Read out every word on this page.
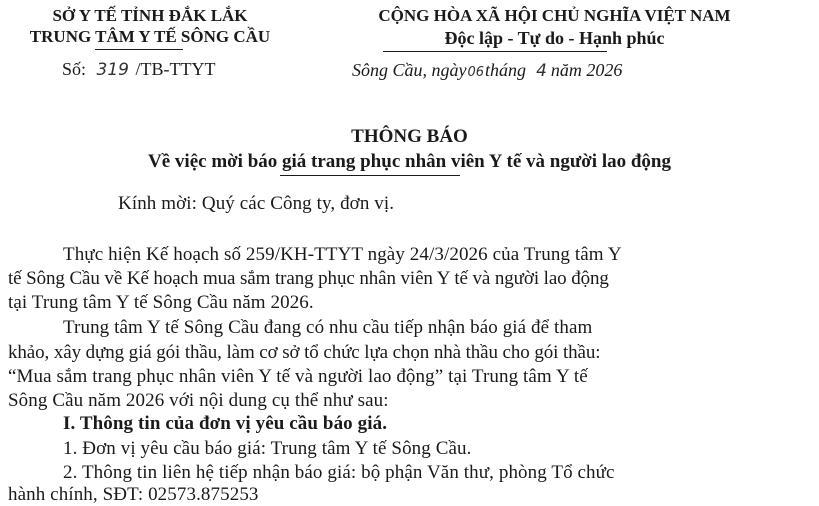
SỞ Y TẾ TỈNH ĐẮK LẮK
TRUNG TÂM Y TẾ SÔNG CẦU
Số: 319 /TB-TTYT
CỘNG HÒA XÃ HỘI CHỦ NGHĨA VIỆT NAM
Độc lập - Tự do - Hạnh phúc
Sông Cầu, ngày06tháng 4 năm 2026
THÔNG BÁO
Về việc mời báo giá trang phục nhân viên Y tế và người lao động
Kính mời: Quý các Công ty, đơn vị.
Thực hiện Kế hoạch số 259/KH-TTYT ngày 24/3/2026 của Trung tâm Y
tế Sông Cầu về Kế hoạch mua sắm trang phục nhân viên Y tế và người lao động
tại Trung tâm Y tế Sông Cầu năm 2026.
Trung tâm Y tế Sông Cầu đang có nhu cầu tiếp nhận báo giá để tham
khảo, xây dựng giá gói thầu, làm cơ sở tổ chức lựa chọn nhà thầu cho gói thầu:
“Mua sắm trang phục nhân viên Y tế và người lao động” tại Trung tâm Y tế
Sông Cầu năm 2026 với nội dung cụ thể như sau:
I. Thông tin của đơn vị yêu cầu báo giá.
1. Đơn vị yêu cầu báo giá: Trung tâm Y tế Sông Cầu.
2. Thông tin liên hệ tiếp nhận báo giá: bộ phận Văn thư, phòng Tổ chức
hành chính, SĐT: 02573.875253
